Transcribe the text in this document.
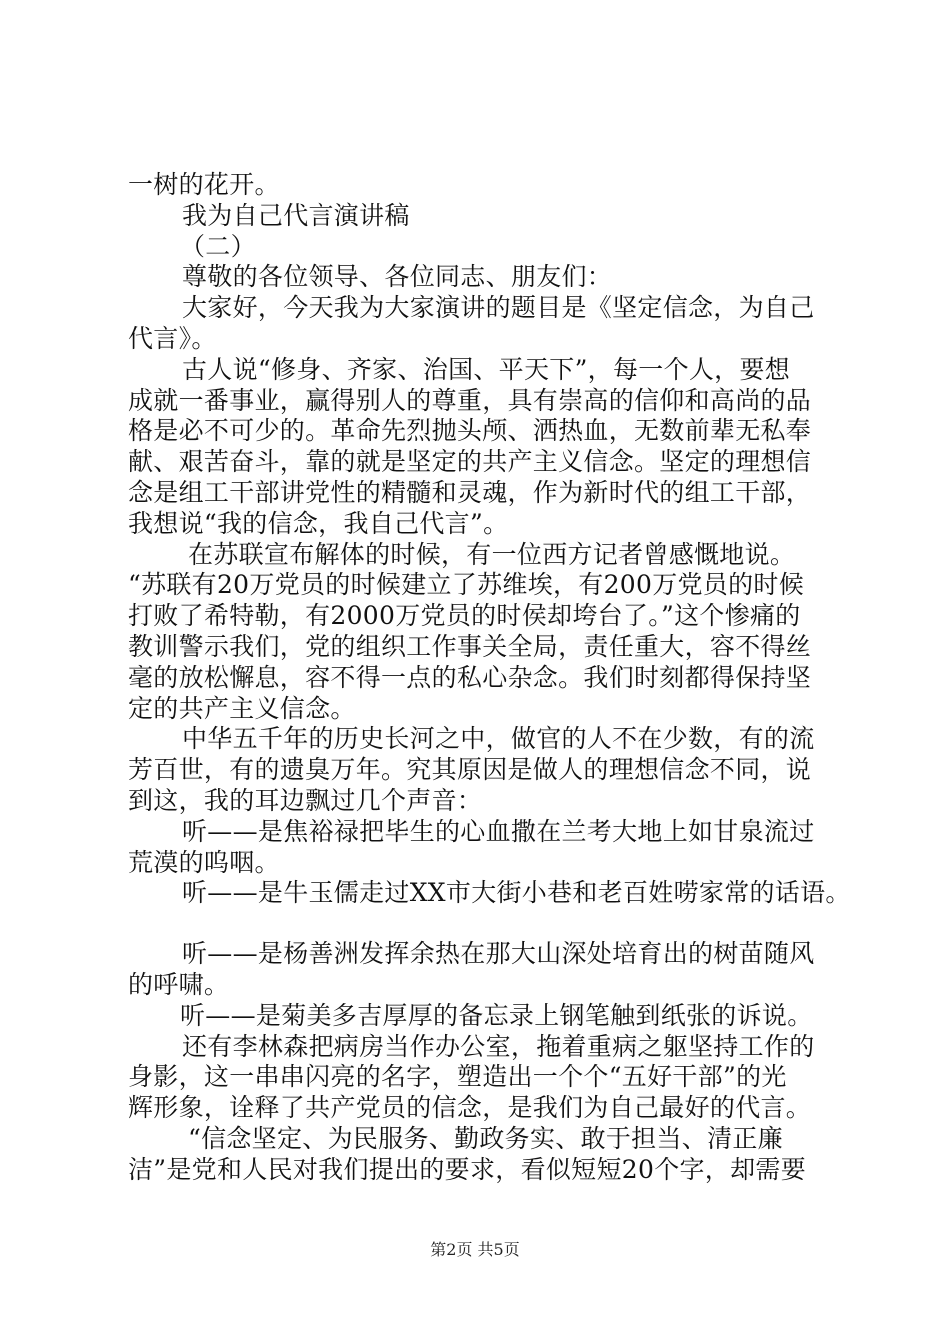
一树的花开。
我为自己代言演讲稿
（二）
尊敬的各位领导、各位同志、朋友们：
大家好，今天我为大家演讲的题目是《坚定信念，为自己
代言》。
古人说“修身、齐家、治国、平天下”，每一个人，要想
成就一番事业，赢得别人的尊重，具有崇高的信仰和高尚的品
格是必不可少的。革命先烈抛头颅、洒热血，无数前辈无私奉
献、艰苦奋斗，靠的就是坚定的共产主义信念。坚定的理想信
念是组工干部讲党性的精髓和灵魂，作为新时代的组工干部，
我想说“我的信念，我自己代言”。
在苏联宣布解体的时候，有一位西方记者曾感慨地说。
“苏联有20万党员的时候建立了苏维埃，有200万党员的时候
打败了希特勒，有2000万党员的时侯却垮台了。”这个惨痛的
教训警示我们，党的组织工作事关全局，责任重大，容不得丝
毫的放松懈息，容不得一点的私心杂念。我们时刻都得保持坚
定的共产主义信念。
中华五千年的历史长河之中，做官的人不在少数，有的流
芳百世，有的遗臭万年。究其原因是做人的理想信念不同，说
到这，我的耳边飘过几个声音：
听——是焦裕禄把毕生的心血撒在兰考大地上如甘泉流过
荒漠的呜咽。
听——是牛玉儒走过XX市大街小巷和老百姓唠家常的话语。
听——是杨善洲发挥余热在那大山深处培育出的树苗随风
的呼啸。
听——是菊美多吉厚厚的备忘录上钢笔触到纸张的诉说。
还有李林森把病房当作办公室，拖着重病之躯坚持工作的
身影，这一串串闪亮的名字，塑造出一个个“五好干部”的光
辉形象，诠释了共产党员的信念，是我们为自己最好的代言。
“信念坚定、为民服务、勤政务实、敢于担当、清正廉
洁”是党和人民对我们提出的要求，看似短短20个字，却需要
第2页 共5页
